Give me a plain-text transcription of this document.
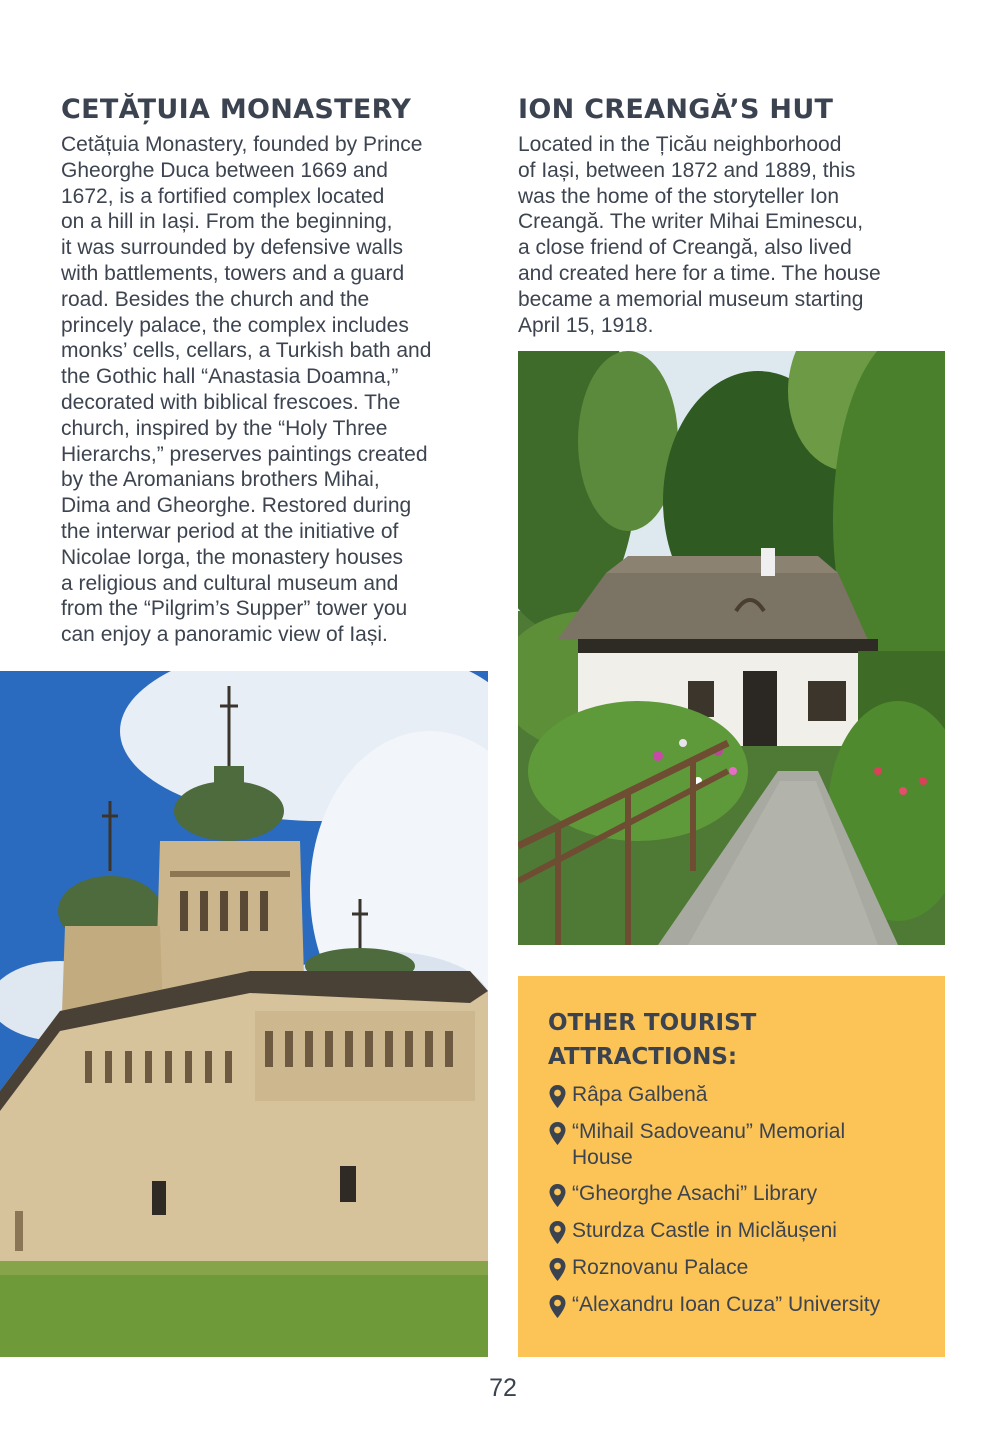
CETĂȚUIA MONASTERY

Cetățuia Monastery, founded by Prince
Gheorghe Duca between 1669 and
1672, is a fortified complex located
on a hill in Iași. From the beginning,
it was surrounded by defensive walls
with battlements, towers and a guard
road. Besides the church and the
princely palace, the complex includes
monks’ cells, cellars, a Turkish bath and
the Gothic hall “Anastasia Doamna,”
decorated with biblical frescoes. The
church, inspired by the “Holy Three
Hierarchs,” preserves paintings created
by the Aromanians brothers Mihai,
Dima and Gheorghe. Restored during
the interwar period at the initiative of
Nicolae Iorga, the monastery houses
a religious and cultural museum and
from the “Pilgrim’s Supper” tower you
can enjoy a panoramic view of Iași.

ION CREANGĂ’S HUT

Located in the Țicău neighborhood
of Iași, between 1872 and 1889, this
was the home of the storyteller Ion
Creangă. The writer Mihai Eminescu,
a close friend of Creangă, also lived
and created here for a time. The house
became a memorial museum starting
April 15, 1918.

OTHER TOURIST
ATTRACTIONS:
Râpa Galbenă
“Mihail Sadoveanu” Memorial House
“Gheorghe Asachi” Library
Sturdza Castle in Miclăușeni
Roznovanu Palace
“Alexandru Ioan Cuza” University
72
